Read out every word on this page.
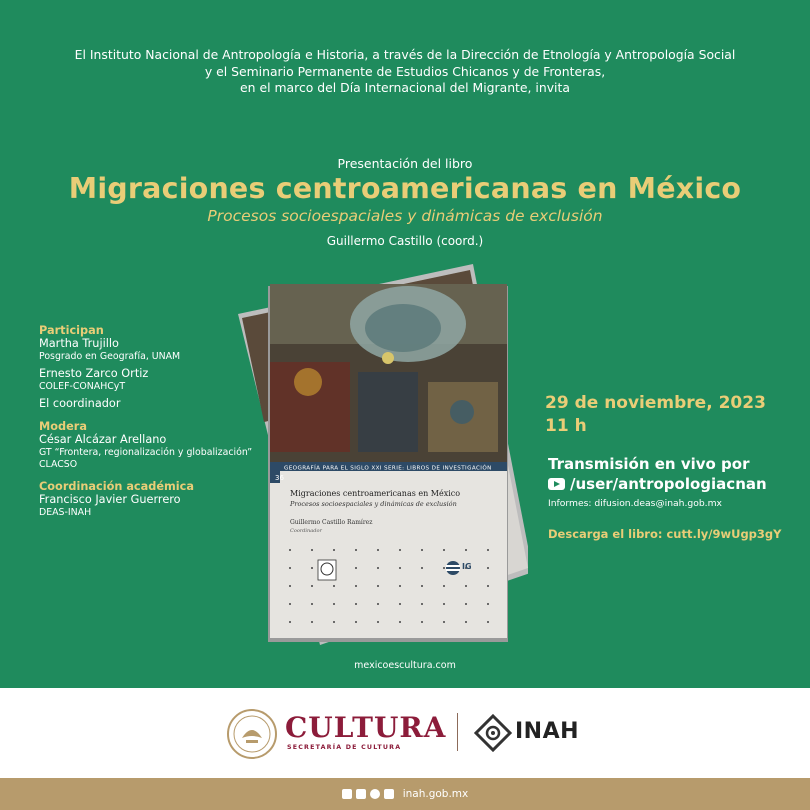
El Instituto Nacional de Antropología e Historia, a través de la Dirección de Etnología y Antropología Social
y el Seminario Permanente de Estudios Chicanos y de Fronteras,
en el marco del Día Internacional del Migrante, invita
Presentación del libro
Migraciones centroamericanas en México
Procesos socioespaciales y dinámicas de exclusión
Guillermo Castillo (coord.)
36
GEOGRAFÍA PARA EL SIGLO XXI SERIE: LIBROS DE INVESTIGACIÓN
Migraciones centroamericanas en México
Procesos socioespaciales y dinámicas de exclusión
Guillermo Castillo Ramírez
Coordinador
IG
Participan
Martha Trujillo
Posgrado en Geografía, UNAM
Ernesto Zarco Ortiz
COLEF-CONAHCyT
El coordinador
Modera
César Alcázar Arellano
GT “Frontera, regionalización y globalización”
CLACSO
Coordinación académica
Francisco Javier Guerrero
DEAS-INAH
29 de noviembre, 2023
11 h
Transmisión en vivo por
/user/antropologiacnan
Informes: difusion.deas@inah.gob.mx
Descarga el libro: cutt.ly/9wUgp3gY
mexicoescultura.com
CULTURA
SECRETARÍA DE CULTURA
INAH
inah.gob.mx
